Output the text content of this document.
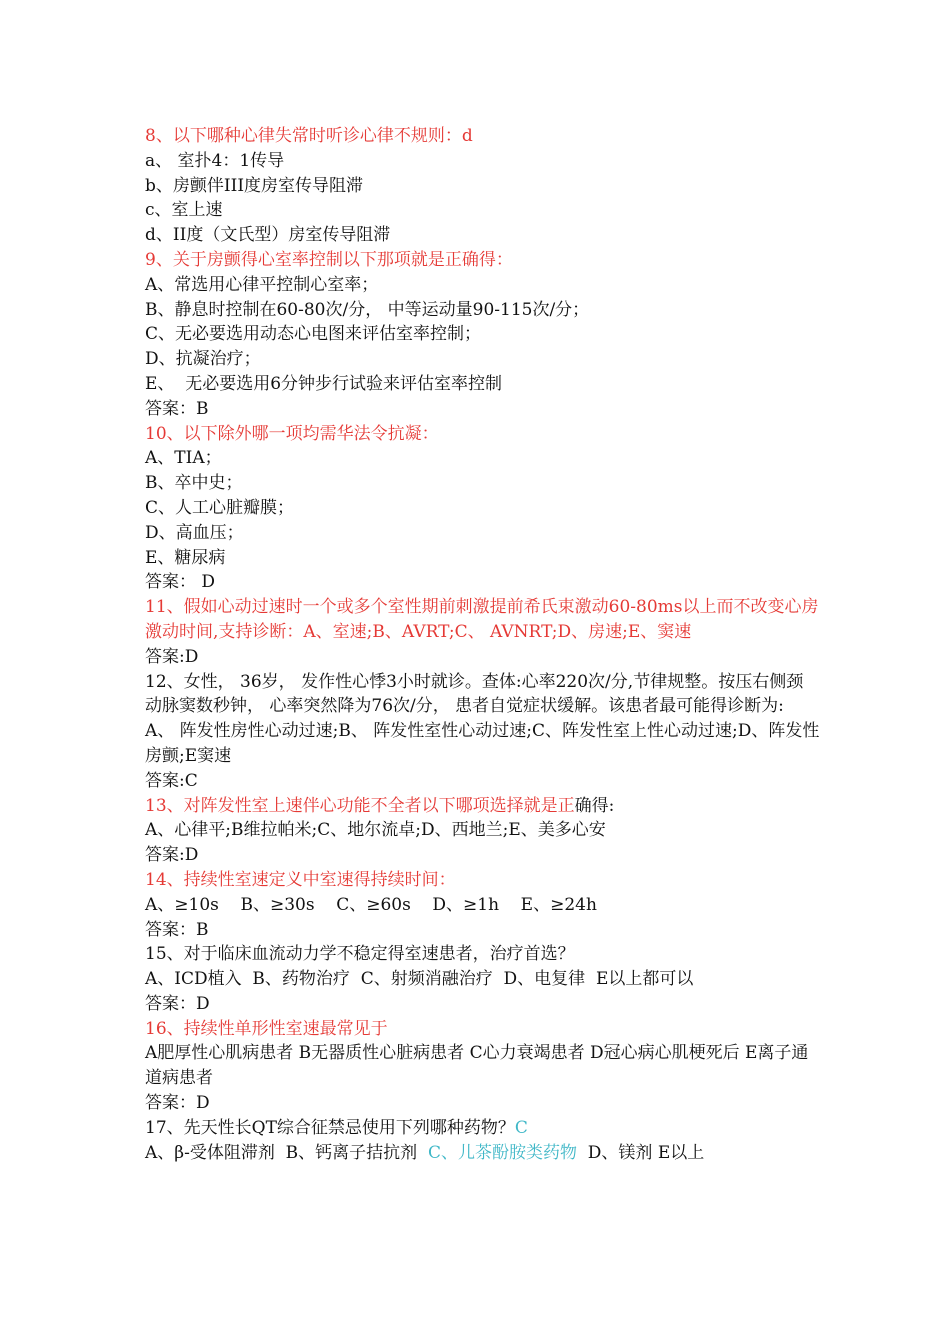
8、以下哪种心律失常时听诊心律不规则：d

a、 室扑4：1传导

b、房颤伴III度房室传导阻滞

c、室上速

d、II度（文氏型）房室传导阻滞

9、关于房颤得心室率控制以下那项就是正确得：

A、常选用心律平控制心室率；

B、静息时控制在60-80次/分， 中等运动量90-115次/分；

C、无必要选用动态心电图来评估室率控制；

D、抗凝治疗；

E、  无必要选用6分钟步行试验来评估室率控制

答案：B

10、以下除外哪一项均需华法令抗凝：

A、TIA；

B、卒中史；

C、人工心脏瓣膜；

D、高血压；

E、糖尿病

答案： D

11、假如心动过速时一个或多个室性期前刺激提前希氏束激动60-80ms以上而不改变心房激动时间,支持诊断：A、室速;B、AVRT;C、 AVNRT;D、房速;E、窦速

答案:D

12、女性， 36岁， 发作性心悸3小时就诊。查体:心率220次/分,节律规整。按压右侧颈动脉窦数秒钟， 心率突然降为76次/分， 患者自觉症状缓解。该患者最可能得诊断为:

A、 阵发性房性心动过速;B、 阵发性室性心动过速;C、阵发性室上性心动过速;D、阵发性房颤;E窦速

答案:C

13、对阵发性室上速伴心功能不全者以下哪项选择就是正确得:

A、心律平;B维拉帕米;C、地尔流卓;D、西地兰;E、美多心安

答案:D

14、持续性室速定义中室速得持续时间：

A、≥10s    B、≥30s    C、≥60s    D、≥1h    E、≥24h

答案：B

15、对于临床血流动力学不稳定得室速患者，治疗首选？

A、ICD植入  B、药物治疗  C、射频消融治疗  D、电复律  E以上都可以

答案：D

16、持续性单形性室速最常见于

A肥厚性心肌病患者 B无器质性心脏病患者 C心力衰竭患者 D冠心病心肌梗死后 E离子通道病患者

答案：D

17、先天性长QT综合征禁忌使用下列哪种药物？C

A、β-受体阻滞剂  B、钙离子拮抗剂  C、儿茶酚胺类药物  D、镁剂 E以上
